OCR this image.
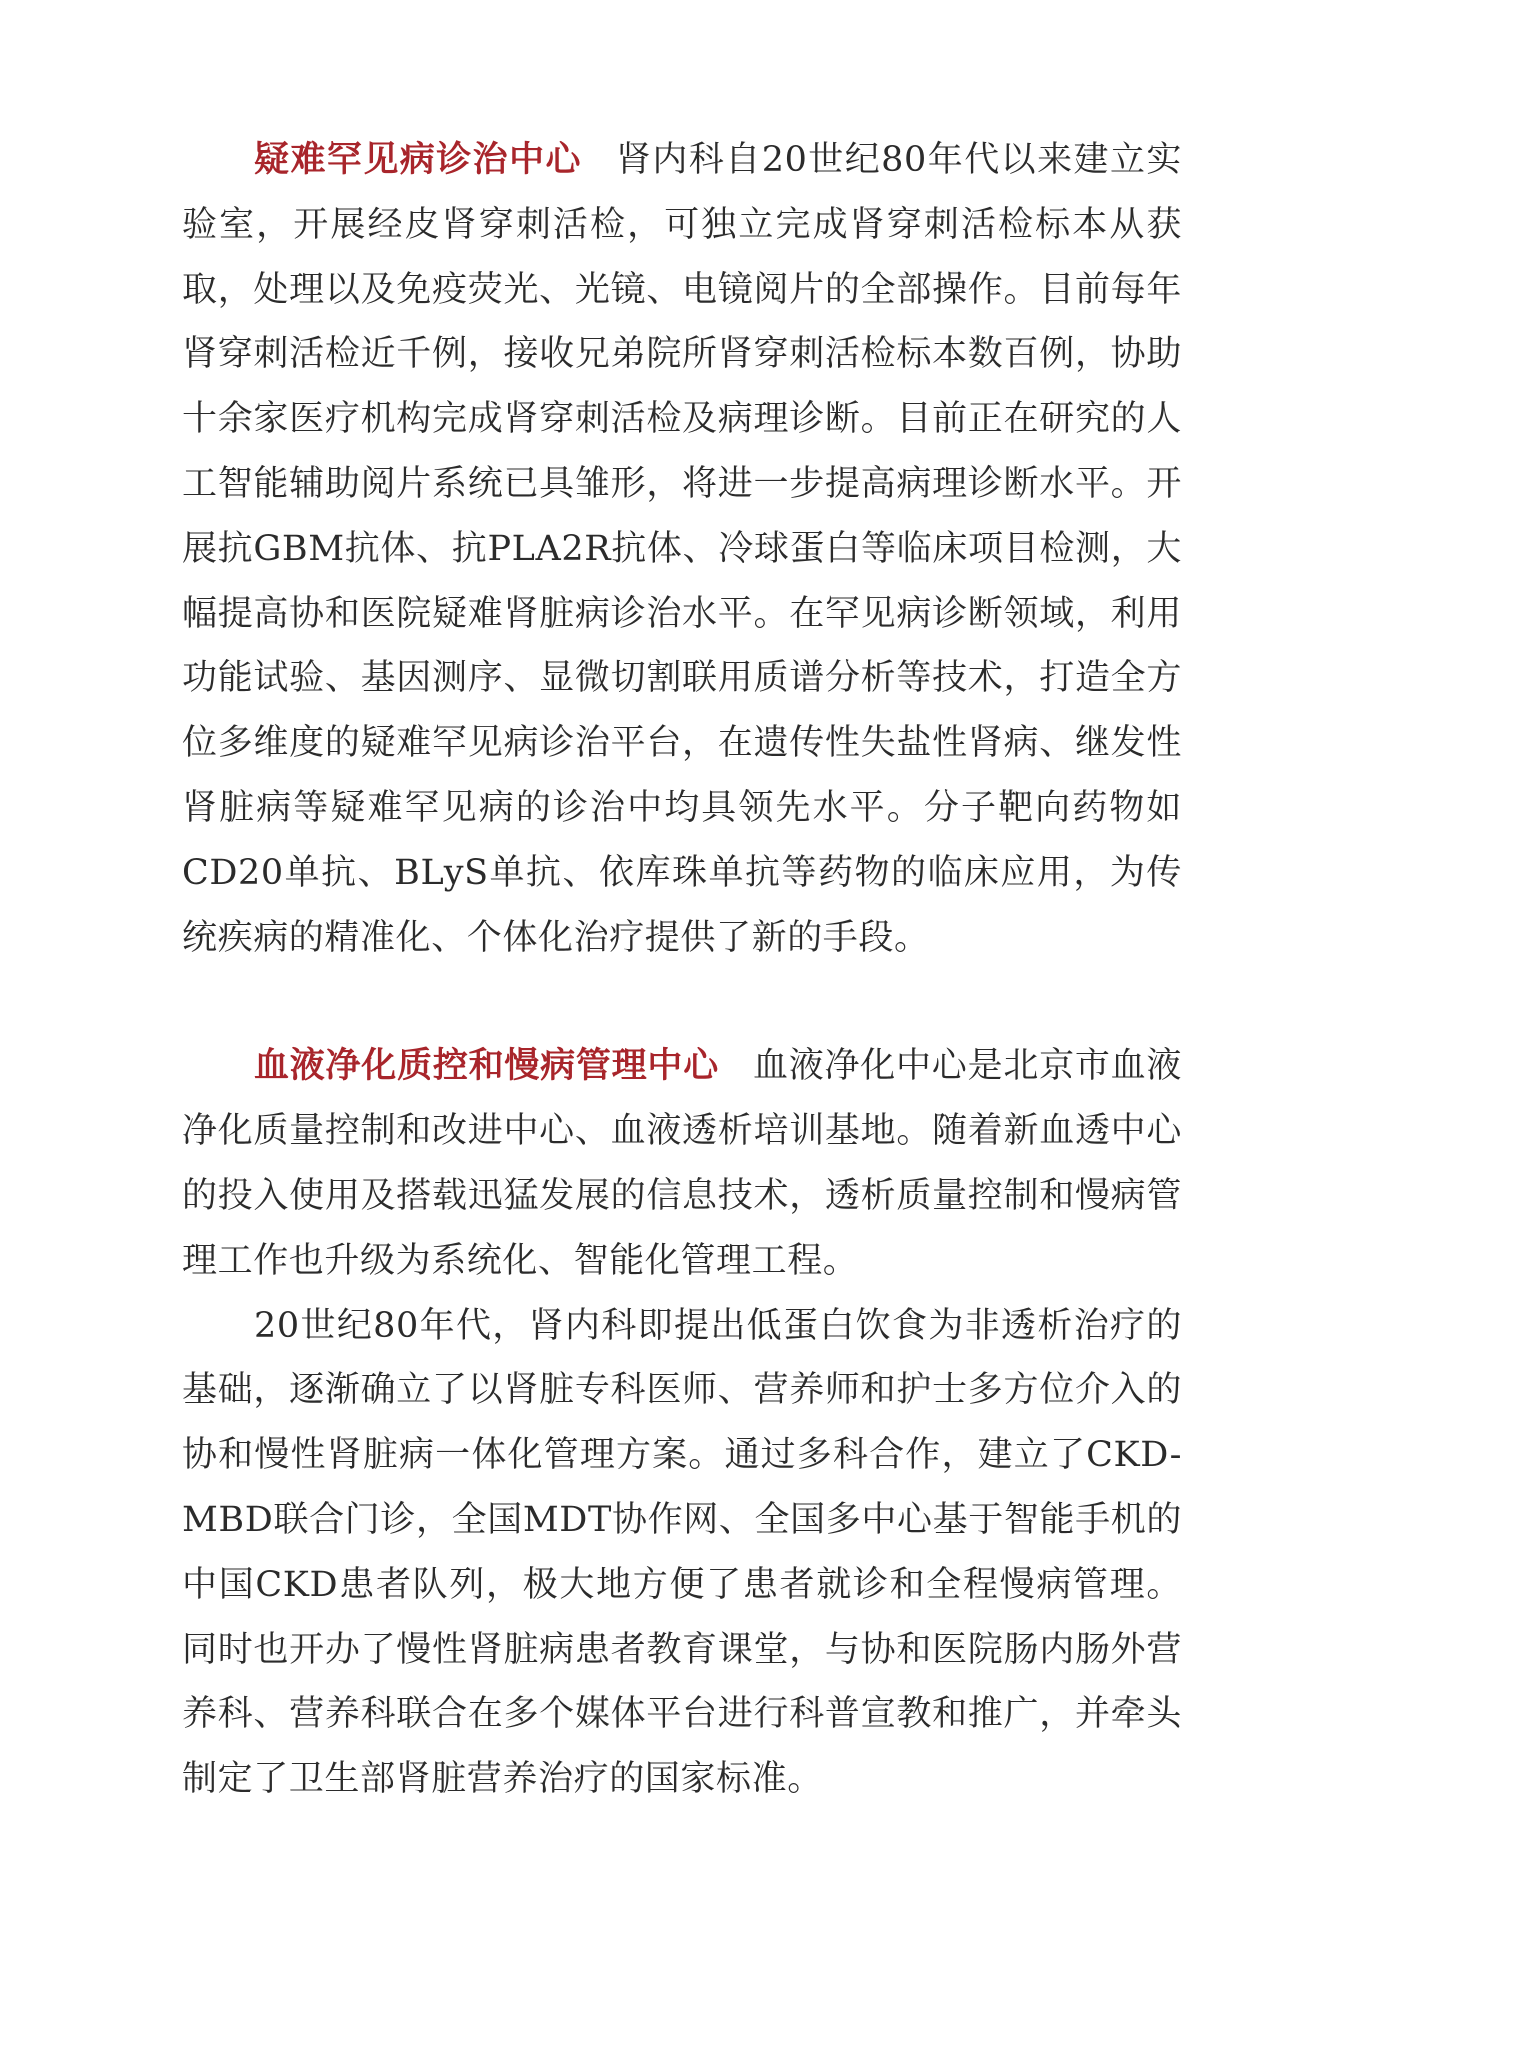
疑难罕见病诊治中心 肾内科自20世纪80年代以来建立实验室，开展经皮肾穿刺活检，可独立完成肾穿刺活检标本从获取，处理以及免疫荧光、光镜、电镜阅片的全部操作。目前每年肾穿刺活检近千例，接收兄弟院所肾穿刺活检标本数百例，协助十余家医疗机构完成肾穿刺活检及病理诊断。目前正在研究的人工智能辅助阅片系统已具雏形，将进一步提高病理诊断水平。开展抗GBM抗体、抗PLA2R抗体、冷球蛋白等临床项目检测，大幅提高协和医院疑难肾脏病诊治水平。在罕见病诊断领域，利用功能试验、基因测序、显微切割联用质谱分析等技术，打造全方位多维度的疑难罕见病诊治平台，在遗传性失盐性肾病、继发性肾脏病等疑难罕见病的诊治中均具领先水平。分子靶向药物如CD20单抗、BLyS单抗、依库珠单抗等药物的临床应用，为传统疾病的精准化、个体化治疗提供了新的手段。

血液净化质控和慢病管理中心 血液净化中心是北京市血液净化质量控制和改进中心、血液透析培训基地。随着新血透中心的投入使用及搭载迅猛发展的信息技术，透析质量控制和慢病管理工作也升级为系统化、智能化管理工程。

20世纪80年代，肾内科即提出低蛋白饮食为非透析治疗的基础，逐渐确立了以肾脏专科医师、营养师和护士多方位介入的协和慢性肾脏病一体化管理方案。通过多科合作，建立了CKD-MBD联合门诊，全国MDT协作网、全国多中心基于智能手机的中国CKD患者队列，极大地方便了患者就诊和全程慢病管理。同时也开办了慢性肾脏病患者教育课堂，与协和医院肠内肠外营养科、营养科联合在多个媒体平台进行科普宣教和推广，并牵头制定了卫生部肾脏营养治疗的国家标准。
